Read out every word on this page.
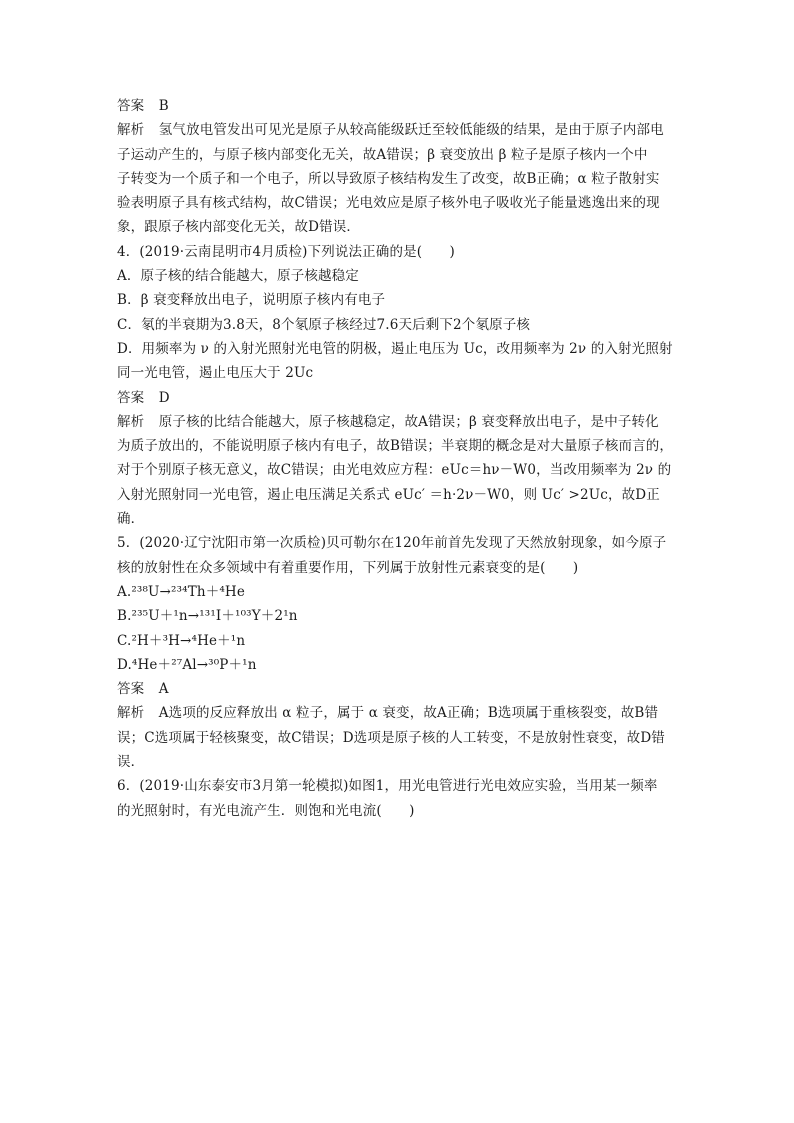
答案 B
解析 氢气放电管发出可见光是原子从较高能级跃迁至较低能级的结果，是由于原子内部电
子运动产生的，与原子核内部变化无关，故A错误；β 衰变放出 β 粒子是原子核内一个中
子转变为一个质子和一个电子，所以导致原子核结构发生了改变，故B正确；α 粒子散射实
验表明原子具有核式结构，故C错误；光电效应是原子核外电子吸收光子能量逃逸出来的现
象，跟原子核内部变化无关，故D错误．
4．(2019·云南昆明市4月质检)下列说法正确的是(　　)
A．原子核的结合能越大，原子核越稳定
B．β 衰变释放出电子，说明原子核内有电子
C．氡的半衰期为3.8天，8个氡原子核经过7.6天后剩下2个氡原子核
D．用频率为 ν 的入射光照射光电管的阴极，遏止电压为 Uc，改用频率为 2ν 的入射光照射
同一光电管，遏止电压大于 2Uc
答案 D
解析 原子核的比结合能越大，原子核越稳定，故A错误；β 衰变释放出电子，是中子转化
为质子放出的，不能说明原子核内有电子，故B错误；半衰期的概念是对大量原子核而言的，
对于个别原子核无意义，故C错误；由光电效应方程：eUc＝hν－W0，当改用频率为 2ν 的
入射光照射同一光电管，遏止电压满足关系式 eUc′ ＝h·2ν－W0，则 Uc′ >2Uc，故D正
确．
5．(2020·辽宁沈阳市第一次质检)贝可勒尔在120年前首先发现了天然放射现象，如今原子
核的放射性在众多领域中有着重要作用，下列属于放射性元素衰变的是(　　)
A.²³⁸U→²³⁴Th＋⁴He
B.²³⁵U＋¹n→¹³¹I＋¹⁰³Y＋2¹n
C.²H＋³H→⁴He＋¹n
D.⁴He＋²⁷Al→³⁰P＋¹n
答案 A
解析 A选项的反应释放出 α 粒子，属于 α 衰变，故A正确；B选项属于重核裂变，故B错
误；C选项属于轻核聚变，故C错误；D选项是原子核的人工转变，不是放射性衰变，故D错
误．
6．(2019·山东泰安市3月第一轮模拟)如图1，用光电管进行光电效应实验，当用某一频率
的光照射时，有光电流产生．则饱和光电流(　　)
